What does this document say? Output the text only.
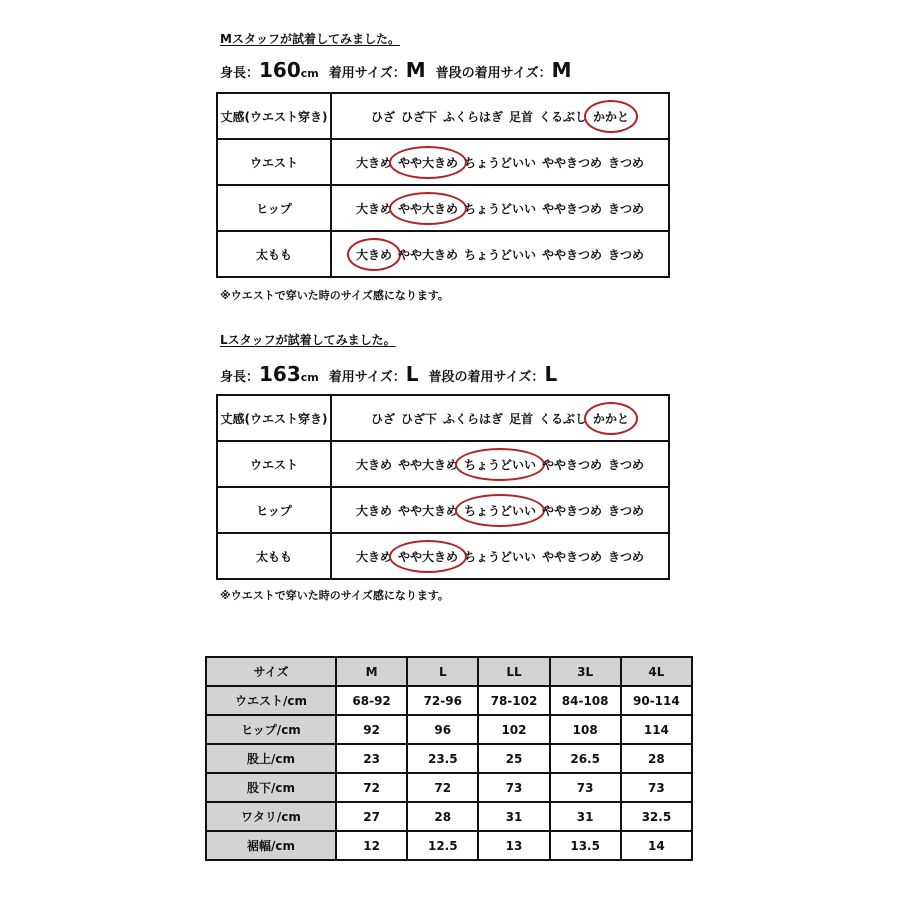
Mスタッフが試着してみました。
身長：160cm 着用サイズ：M 普段の着用サイズ：M
丈感(ウエスト穿き)	ひざ ひざ下 ふくらはぎ 足首 くるぶし かかと
ウエスト	大きめ やや大きめ ちょうどいい ややきつめ きつめ
ヒップ	大きめ やや大きめ ちょうどいい ややきつめ きつめ
太もも	大きめ やや大きめ ちょうどいい ややきつめ きつめ
※ウエストで穿いた時のサイズ感になります。
Lスタッフが試着してみました。
身長：163cm 着用サイズ：L 普段の着用サイズ：L
丈感(ウエスト穿き)	ひざ ひざ下 ふくらはぎ 足首 くるぶし かかと
ウエスト	大きめ やや大きめ ちょうどいい ややきつめ きつめ
ヒップ	大きめ やや大きめ ちょうどいい ややきつめ きつめ
太もも	大きめ やや大きめ ちょうどいい ややきつめ きつめ
※ウエストで穿いた時のサイズ感になります。
サイズ	M	L	LL	3L	4L
ウエスト/cm	68-92	72-96	78-102	84-108	90-114
ヒップ/cm	92	96	102	108	114
股上/cm	23	23.5	25	26.5	28
股下/cm	72	72	73	73	73
ワタリ/cm	27	28	31	31	32.5
裾幅/cm	12	12.5	13	13.5	14
